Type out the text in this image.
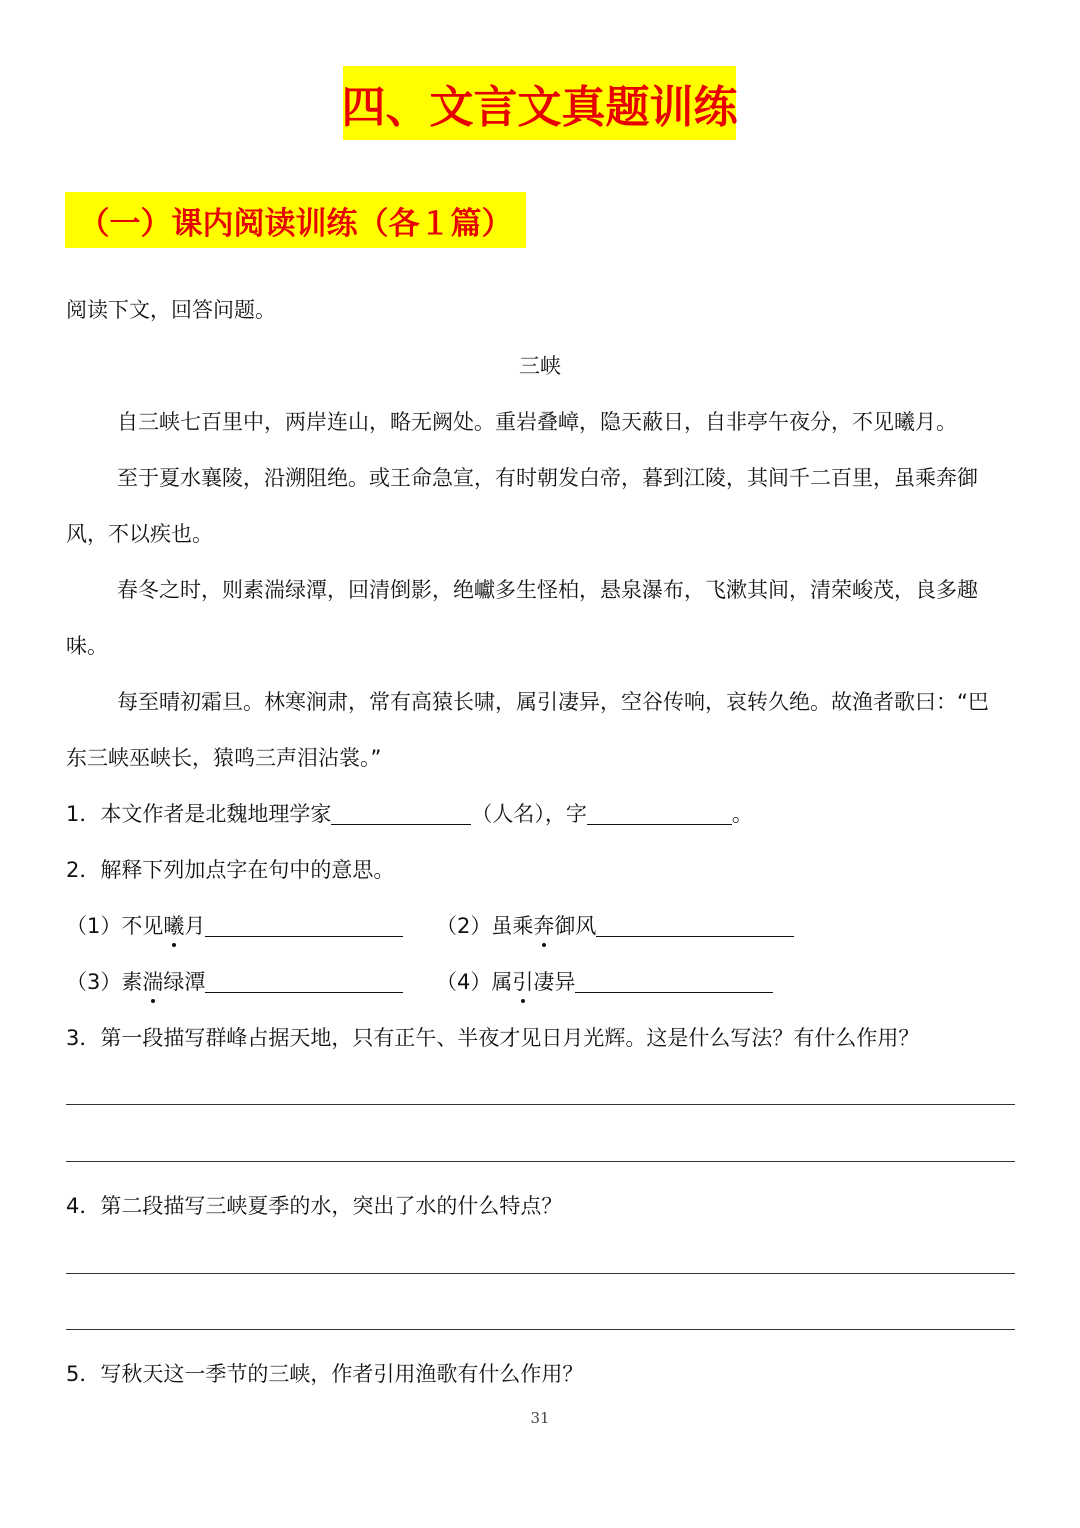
四、文言文真题训练
（一）课内阅读训练（各１篇）
阅读下文，回答问题。
三峡
自三峡七百里中，两岸连山，略无阙处。重岩叠嶂，隐天蔽日，自非亭午夜分，不见曦月。
至于夏水襄陵，沿溯阻绝。或王命急宣，有时朝发白帝，暮到江陵，其间千二百里，虽乘奔御
风，不以疾也。
春冬之时，则素湍绿潭，回清倒影，绝巘多生怪柏，悬泉瀑布，飞漱其间，清荣峻茂，良多趣
味。
每至晴初霜旦。林寒涧肃，常有高猿长啸，属引凄异，空谷传响，哀转久绝。故渔者歌曰：“巴
东三峡巫峡长，猿鸣三声泪沾裳。”
1．本文作者是北魏地理学家	（人名），字	。
2．解释下列加点字在句中的意思。
（1）不见曦月	（2）虽乘奔御风
（3）素湍绿潭	（4）属引凄异
3．第一段描写群峰占据天地，只有正午、半夜才见日月光辉。这是什么写法？有什么作用？
4．第二段描写三峡夏季的水，突出了水的什么特点？
5．写秋天这一季节的三峡，作者引用渔歌有什么作用？
31
